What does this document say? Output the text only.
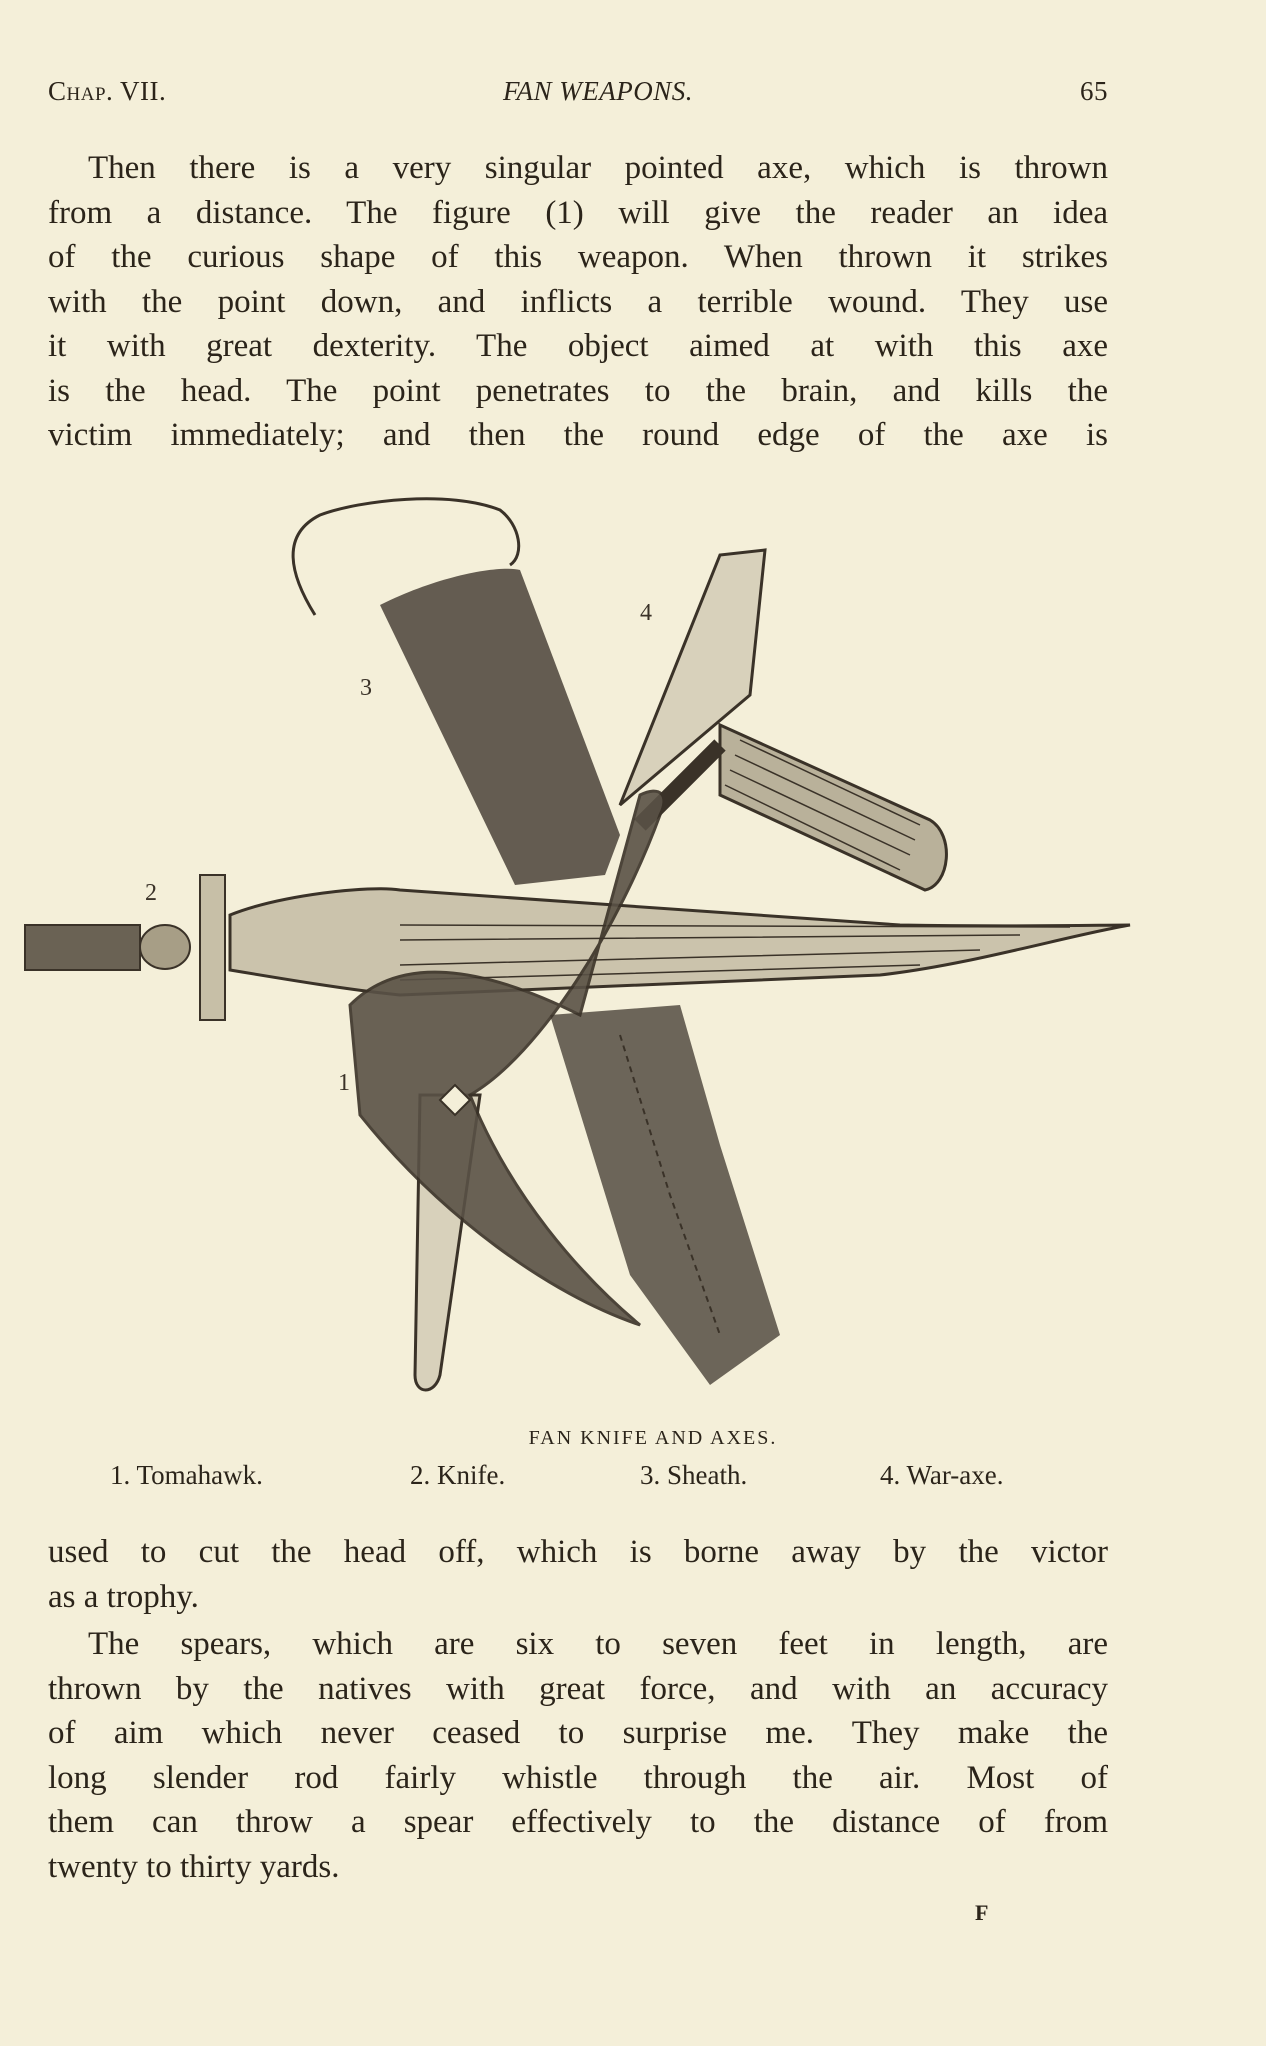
Chap. VII.	FAN WEAPONS.	65
Then there is a very singular pointed axe, which is thrown
from a distance. The figure (1) will give the reader an idea
of the curious shape of this weapon. When thrown it strikes
with the point down, and inflicts a terrible wound. They use
it with great dexterity. The object aimed at with this axe
is the head. The point penetrates to the brain, and kills the
victim immediately; and then the round edge of the axe is
1
2
3
4
FAN KNIFE AND AXES.
1. Tomahawk.	2. Knife.	3. Sheath.	4. War-axe.
used to cut the head off, which is borne away by the victor
as a trophy.
The spears, which are six to seven feet in length, are
thrown by the natives with great force, and with an accuracy
of aim which never ceased to surprise me. They make the
long slender rod fairly whistle through the air. Most of
them can throw a spear effectively to the distance of from
twenty to thirty yards.
F
